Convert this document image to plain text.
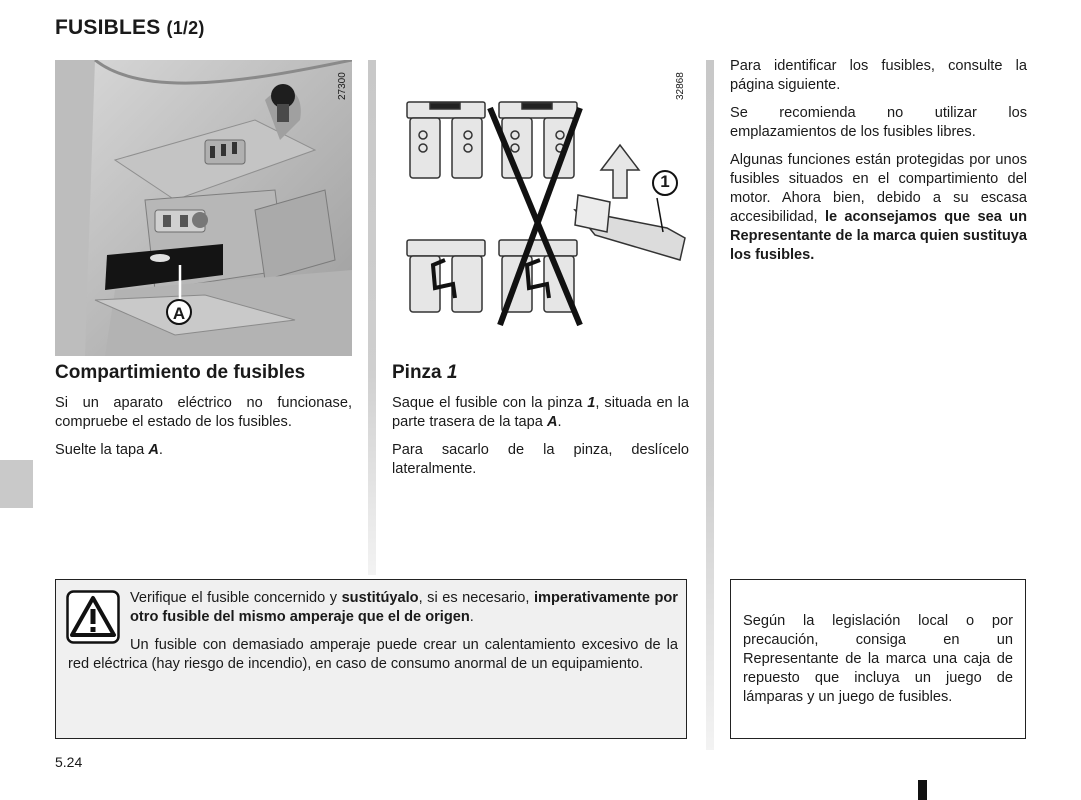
FUSIBLES (1/2)
A
27300
1
32868
Compartimiento de fusibles

Si un aparato eléctrico no funcionase, compruebe el estado de los fusibles.

Suelte la tapa A.

Pinza 1

Saque el fusible con la pinza 1, situada en la parte trasera de la tapa A.

Para sacarlo de la pinza, deslícelo lateralmente.

Para identificar los fusibles, consulte la página siguiente.

Se recomienda no utilizar los emplazamientos de los fusibles libres.

Algunas funciones están protegidas por unos fusibles situados en el compartimiento del motor. Ahora bien, debido a su escasa accesibilidad, le aconsejamos que sea un Representante de la marca quien sustituya los fusibles.

Verifique el fusible concernido y sustitúyalo, si es necesario, imperativamente por otro fusible del mismo amperaje que el de origen.

Un fusible con demasiado amperaje puede crear un calentamiento excesivo de la red eléctrica (hay riesgo de incendio), en caso de consumo anormal de un equipamiento.

Según la legislación local o por precaución, consiga en un Representante de la marca una caja de repuesto que incluya un juego de lámparas y un juego de fusibles.

5.24
